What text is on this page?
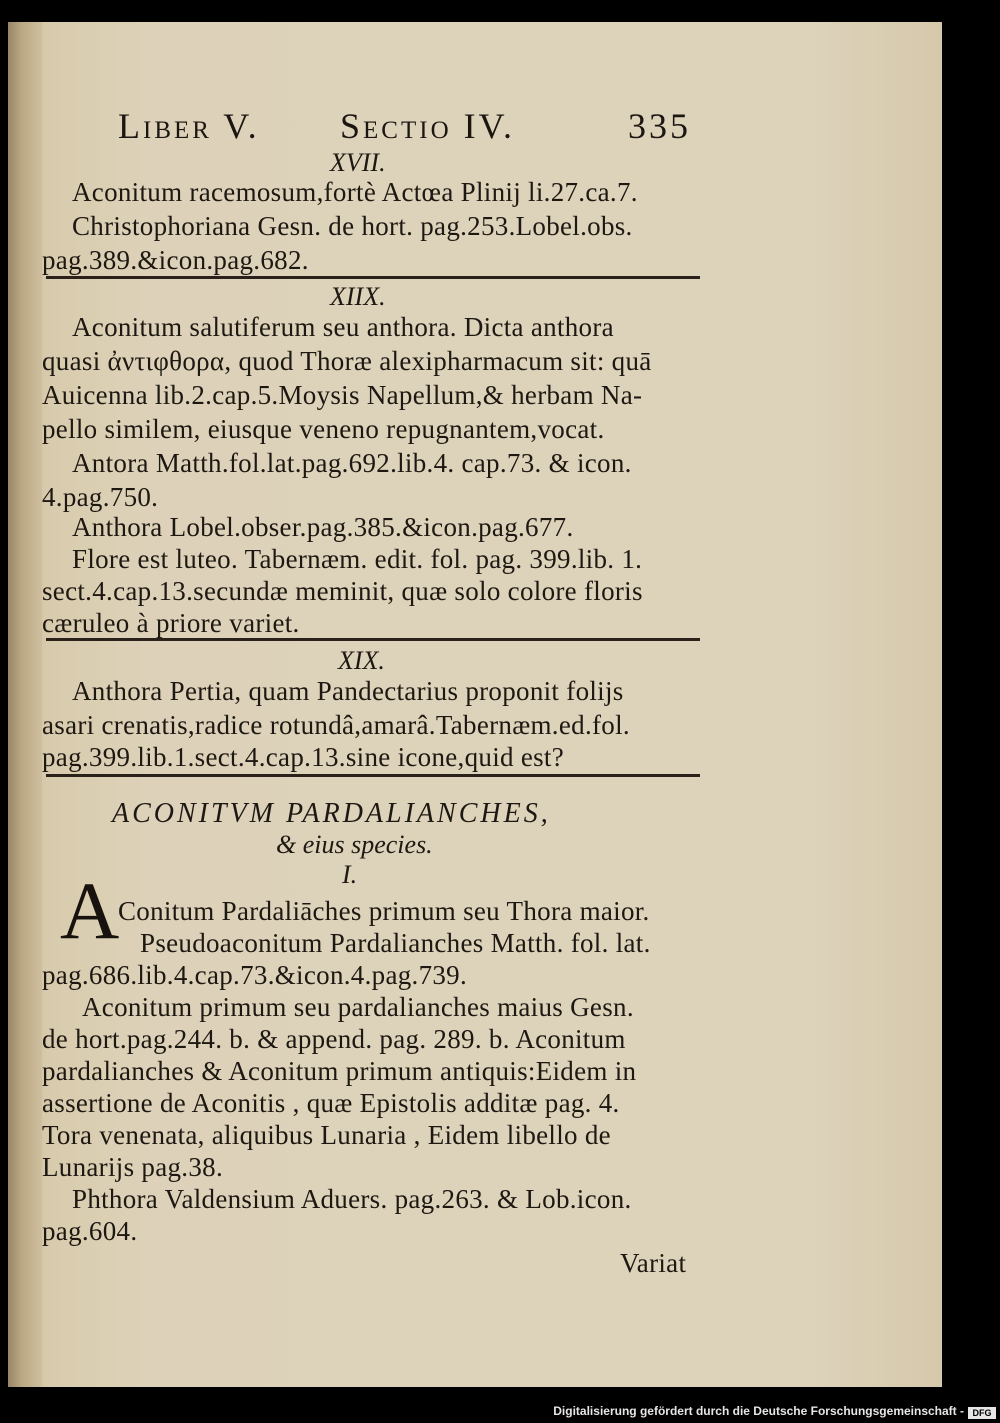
Liber V. Sectio IV.	335
XVII.
Aconitum racemosum,fortè Actœa Plinij li.27.ca.7.
Christophoriana Gesn. de hort. pag.253.Lobel.obs.
pag.389.&icon.pag.682.
XIIX.
Aconitum salutiferum seu anthora. Dicta anthora
quasi ἀντιφθορα, quod Thoræ alexipharmacum sit: quā
Auicenna lib.2.cap.5.Moysis Napellum,& herbam Na-
pello similem, eiusque veneno repugnantem,vocat.
Antora Matth.fol.lat.pag.692.lib.4. cap.73. & icon.
4.pag.750.
Anthora Lobel.obser.pag.385.&icon.pag.677.
Flore est luteo. Tabernæm. edit. fol. pag. 399.lib. 1.
sect.4.cap.13.secundæ meminit, quæ solo colore floris
cæruleo à priore variet.
XIX.
Anthora Pertia, quam Pandectarius proponit folijs
asari crenatis,radice rotundâ,amarâ.Tabernæm.ed.fol.
pag.399.lib.1.sect.4.cap.13.sine icone,quid est?
ACONITVM PARDALIANCHES,
& eius species.
I.
A
Conitum Pardaliāches primum seu Thora maior.
Pseudoaconitum Pardalianches Matth. fol. lat.
pag.686.lib.4.cap.73.&icon.4.pag.739.
Aconitum primum seu pardalianches maius Gesn.
de hort.pag.244. b. & append. pag. 289. b. Aconitum
pardalianches & Aconitum primum antiquis:Eidem in
assertione de Aconitis , quæ Epistolis additæ pag. 4.
Tora venenata, aliquibus Lunaria , Eidem libello de
Lunarijs pag.38.
Phthora Valdensium Aduers. pag.263. & Lob.icon.
pag.604.
Variat
Digitalisierung gefördert durch die Deutsche Forschungsgemeinschaft - DFG
